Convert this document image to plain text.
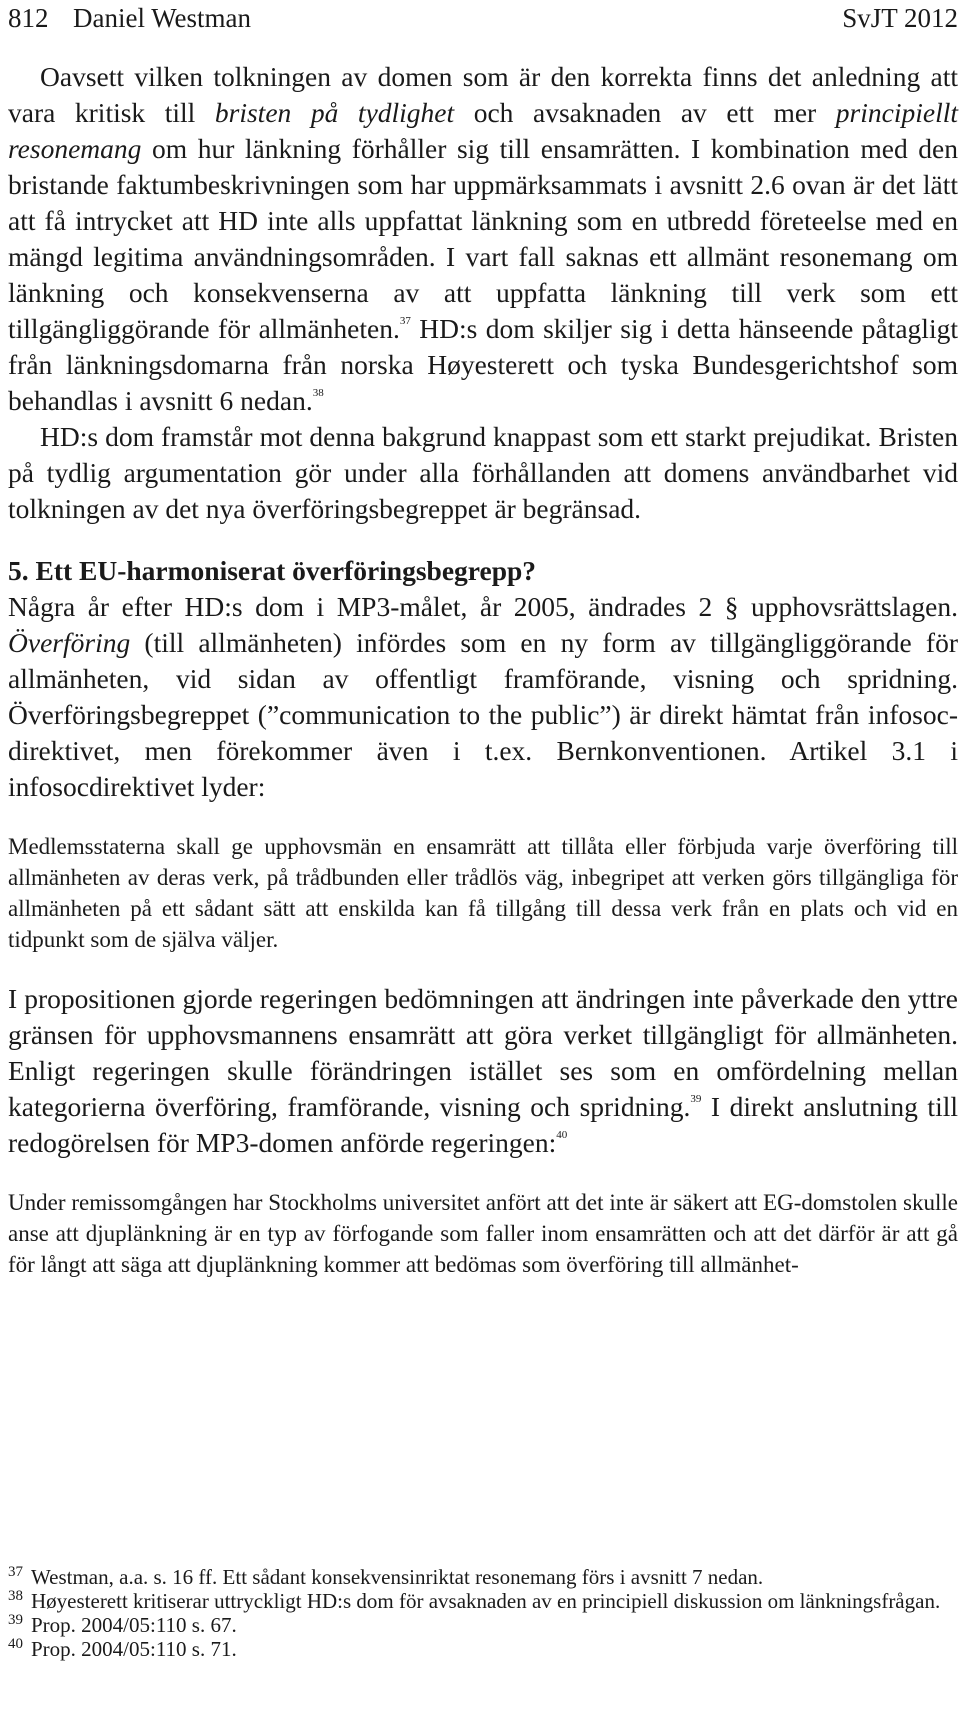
812 Daniel Westman	SvJT 2012

Oavsett vilken tolkningen av domen som är den korrekta finns det anledning att vara kritisk till bristen på tydlighet och avsaknaden av ett mer principiellt resonemang om hur länkning förhåller sig till ensamrätten. I kombination med den bristande faktumbeskrivningen som har uppmärksammats i avsnitt 2.6 ovan är det lätt att få intrycket att HD inte alls uppfattat länkning som en utbredd företeelse med en mängd legitima användningsområden. I vart fall saknas ett allmänt resonemang om länkning och konsekvenserna av att uppfatta länkning till verk som ett tillgängliggörande för allmänheten.$^{37}$ HD:s dom skiljer sig i detta hänseende påtagligt från länkningsdomarna från norska Høyesterett och tyska Bundesgerichtshof som behandlas i avsnitt 6 nedan.$^{38}$

HD:s dom framstår mot denna bakgrund knappast som ett starkt prejudikat. Bristen på tydlig argumentation gör under alla förhållanden att domens användbarhet vid tolkningen av det nya överföringsbegreppet är begränsad.

5. Ett EU-harmoniserat överföringsbegrepp?

Några år efter HD:s dom i MP3-målet, år 2005, ändrades 2 § upphovsrättslagen. Överföring (till allmänheten) infördes som en ny form av tillgängliggörande för allmänheten, vid sidan av offentligt framförande, visning och spridning. Överföringsbegreppet (”communication to the public”) är direkt hämtat från infosoc-direktivet, men förekommer även i t.ex. Bernkonventionen. Artikel 3.1 i infosocdirektivet lyder:

Medlemsstaterna skall ge upphovsmän en ensamrätt att tillåta eller förbjuda varje överföring till allmänheten av deras verk, på trådbunden eller trådlös väg, inbegripet att verken görs tillgängliga för allmänheten på ett sådant sätt att enskilda kan få tillgång till dessa verk från en plats och vid en tidpunkt som de själva väljer.

I propositionen gjorde regeringen bedömningen att ändringen inte påverkade den yttre gränsen för upphovsmannens ensamrätt att göra verket tillgängligt för allmänheten. Enligt regeringen skulle förändringen istället ses som en omfördelning mellan kategorierna överföring, framförande, visning och spridning.$^{39}$ I direkt anslutning till redogörelsen för MP3-domen anförde regeringen:$^{40}$

Under remissomgången har Stockholms universitet anfört att det inte är säkert att EG-domstolen skulle anse att djuplänkning är en typ av förfogande som faller inom ensamrätten och att det därför är att gå för långt att säga att djuplänkning kommer att bedömas som överföring till allmänhet-

$^{37}$ Westman, a.a. s. 16 ff. Ett sådant konsekvensinriktat resonemang förs i avsnitt 7 nedan.

$^{38}$ Høyesterett kritiserar uttryckligt HD:s dom för avsaknaden av en principiell diskussion om länkningsfrågan.

$^{39}$ Prop. 2004/05:110 s. 67.

$^{40}$ Prop. 2004/05:110 s. 71.
